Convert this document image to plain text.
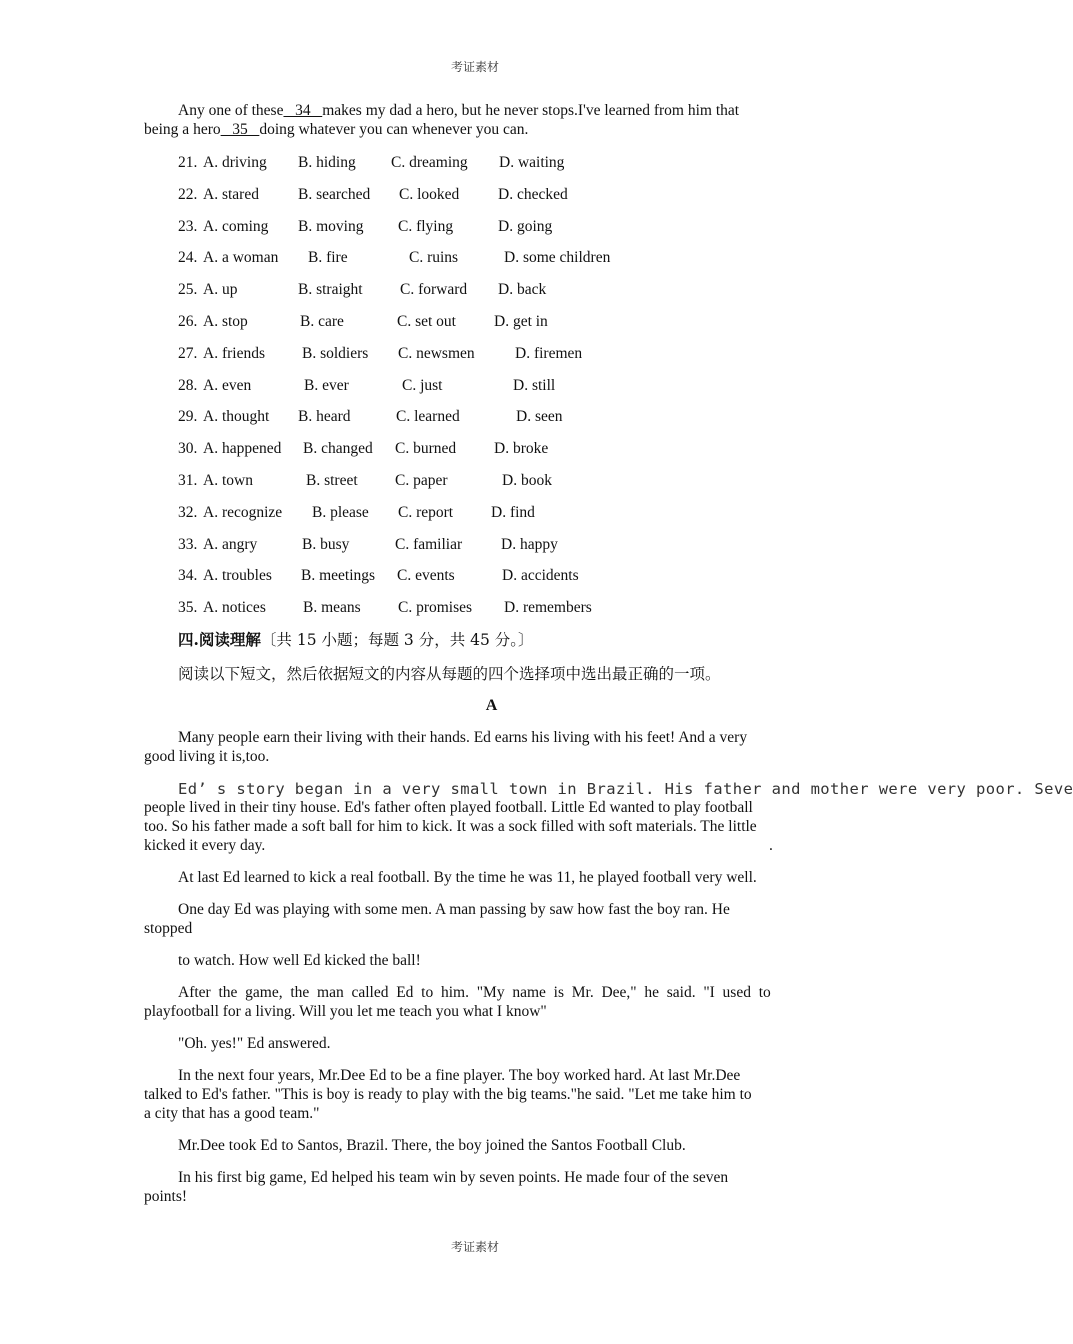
考证素材
Any one of these   34   makes my dad a hero, but he never stops.I've learned from him that
being a hero   35   doing whatever you can whenever you can.
21. A. driving B. hiding C. dreaming D. waiting
22. A. stared	B. searched C. looked D. checked
23. A. coming B. moving C. flying	D. going
24. A. a woman B. fire	C. ruins	D. some children
25. A. up	B. straight C. forward D. back
26. A. stop	B. care	C. set out D. get in
27. A. friends B. soldiers C. newsmen	D. firemen
28. A. even	B. ever	C. just	D. still
29. A. thought B. heard	C. learned	D. seen
30. A. happened B. changed C. burned D. broke
31. A. town	B. street C. paper	D. book
32. A. recognize B. please C. report D. find
33. A. angry	B. busy	C. familiar	D. happy
34. A. troubles B. meetings C. events	D. accidents
35. A. notices B. means C. promises D. remembers
四.阅读理解〔共 15 小题；每题 3 分，共 45 分。〕
阅读以下短文，然后依据短文的内容从每题的四个选择项中选出最正确的一项。
A
Many people earn their living with their hands. Ed earns his living with his feet! And a very
good living it is,too.
Ed’ s story began in a very small town in Brazil. His father and mother were very poor. Seve
people lived in their tiny house. Ed's father often played football. Little Ed wanted to play football
too. So his father made a soft ball for him to kick. It was a sock filled with soft materials. The little
kicked it every day.	.
At last Ed learned to kick a real football. By the time he was 11, he played football very well.
One day Ed was playing with some men. A man passing by saw how fast the boy ran. He
stopped
to watch. How well Ed kicked the ball!
After  the  game,  the  man  called  Ed  to  him.  "My  name  is  Mr.  Dee,"  he  said.  "I  used  to
playfootball for a living. Will you let me teach you what I know"
"Oh. yes!" Ed answered.
In the next four years, Mr.Dee Ed to be a fine player. The boy worked hard. At last Mr.Dee
talked to Ed's father. "This is boy is ready to play with the big teams."he said. "Let me take him to
a city that has a good team."
Mr.Dee took Ed to Santos, Brazil. There, the boy joined the Santos Football Club.
In his first big game, Ed helped his team win by seven points. He made four of the seven
points!
考证素材
